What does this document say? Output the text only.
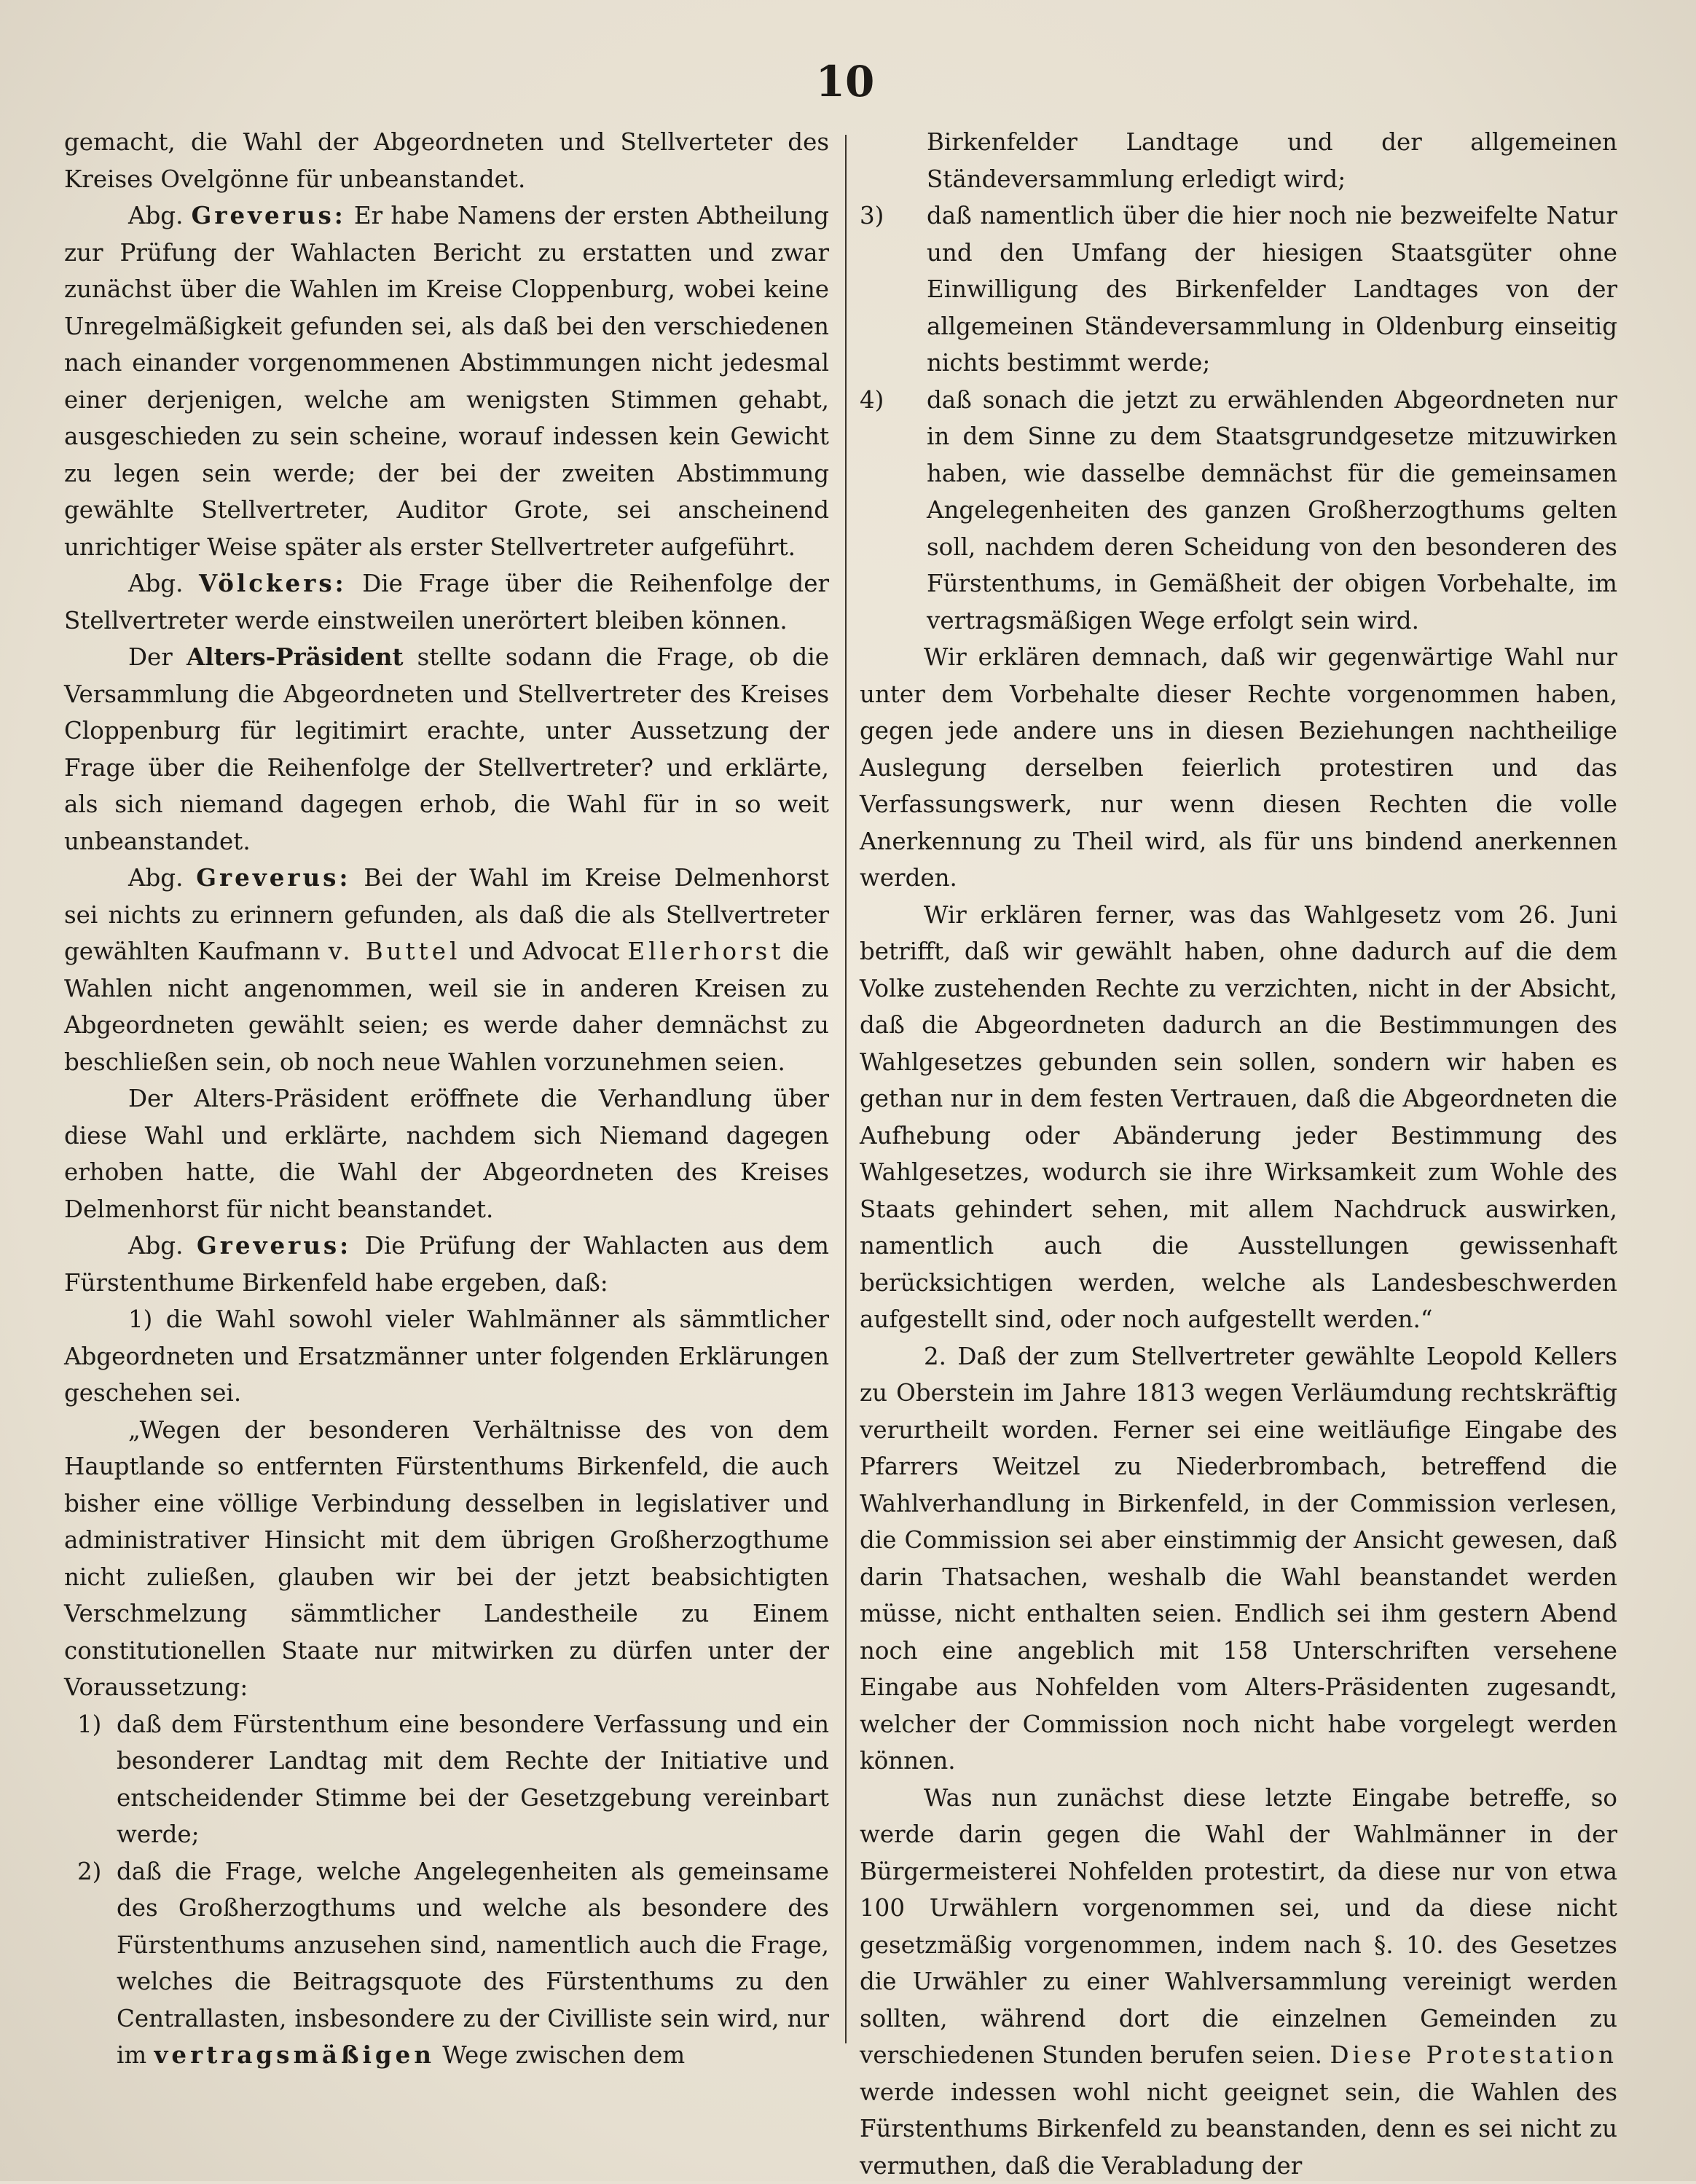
10

gemacht, die Wahl der Abgeordneten und Stellverteter des Kreises Ovelgönne für unbeanstandet.

Abg. Greverus: Er habe Namens der ersten Abtheilung zur Prüfung der Wahlacten Bericht zu erstatten und zwar zunächst über die Wahlen im Kreise Cloppenburg, wobei keine Unregelmäßigkeit gefunden sei, als daß bei den verschiedenen nach einander vorgenommenen Abstimmungen nicht jedesmal einer derjenigen, welche am wenigsten Stimmen gehabt, ausgeschieden zu sein scheine, worauf indessen kein Gewicht zu legen sein werde; der bei der zweiten Abstimmung gewählte Stellvertreter, Auditor Grote, sei anscheinend unrichtiger Weise später als erster Stellvertreter aufgeführt.

Abg. Völckers: Die Frage über die Reihenfolge der Stellvertreter werde einstweilen unerörtert bleiben können.

Der Alters-Präsident stellte sodann die Frage, ob die Versammlung die Abgeordneten und Stellvertreter des Kreises Cloppenburg für legitimirt erachte, unter Aussetzung der Frage über die Reihenfolge der Stellvertreter? und erklärte, als sich niemand dagegen erhob, die Wahl für in so weit unbeanstandet.

Abg. Greverus: Bei der Wahl im Kreise Delmenhorst sei nichts zu erinnern gefunden, als daß die als Stellvertreter gewählten Kaufmann v. Buttel und Advocat Ellerhorst die Wahlen nicht angenommen, weil sie in anderen Kreisen zu Abgeordneten gewählt seien; es werde daher demnächst zu beschließen sein, ob noch neue Wahlen vorzunehmen seien.

Der Alters-Präsident eröffnete die Verhandlung über diese Wahl und erklärte, nachdem sich Niemand dagegen erhoben hatte, die Wahl der Abgeordneten des Kreises Delmenhorst für nicht beanstandet.

Abg. Greverus: Die Prüfung der Wahlacten aus dem Fürstenthume Birkenfeld habe ergeben, daß:

1) die Wahl sowohl vieler Wahlmänner als sämmtlicher Abgeordneten und Ersatzmänner unter folgenden Erklärungen geschehen sei.

„Wegen der besonderen Verhältnisse des von dem Hauptlande so entfernten Fürstenthums Birkenfeld, die auch bisher eine völlige Verbindung desselben in legislativer und administrativer Hinsicht mit dem übrigen Großherzogthume nicht zuließen, glauben wir bei der jetzt beabsichtigten Verschmelzung sämmtlicher Landestheile zu Einem constitutionellen Staate nur mitwirken zu dürfen unter der Voraussetzung:

1) daß dem Fürstenthum eine besondere Verfassung und ein besonderer Landtag mit dem Rechte der Initiative und entscheidender Stimme bei der Gesetzgebung vereinbart werde;
2) daß die Frage, welche Angelegenheiten als gemeinsame des Großherzogthums und welche als besondere des Fürstenthums anzusehen sind, namentlich auch die Frage, welches die Beitragsquote des Fürstenthums zu den Centrallasten, insbesondere zu der Civilliste sein wird, nur im vertragsmäßigen Wege zwischen dem
Birkenfelder Landtage und der allgemeinen Ständeversammlung erledigt wird;
3) daß namentlich über die hier noch nie bezweifelte Natur und den Umfang der hiesigen Staatsgüter ohne Einwilligung des Birkenfelder Landtages von der allgemeinen Ständeversammlung in Oldenburg einseitig nichts bestimmt werde;
4) daß sonach die jetzt zu erwählenden Abgeordneten nur in dem Sinne zu dem Staatsgrundgesetze mitzuwirken haben, wie dasselbe demnächst für die gemeinsamen Angelegenheiten des ganzen Großherzogthums gelten soll, nachdem deren Scheidung von den besonderen des Fürstenthums, in Gemäßheit der obigen Vorbehalte, im vertragsmäßigen Wege erfolgt sein wird.

Wir erklären demnach, daß wir gegenwärtige Wahl nur unter dem Vorbehalte dieser Rechte vorgenommen haben, gegen jede andere uns in diesen Beziehungen nachtheilige Auslegung derselben feierlich protestiren und das Verfassungswerk, nur wenn diesen Rechten die volle Anerkennung zu Theil wird, als für uns bindend anerkennen werden.

Wir erklären ferner, was das Wahlgesetz vom 26. Juni betrifft, daß wir gewählt haben, ohne dadurch auf die dem Volke zustehenden Rechte zu verzichten, nicht in der Absicht, daß die Abgeordneten dadurch an die Bestimmungen des Wahlgesetzes gebunden sein sollen, sondern wir haben es gethan nur in dem festen Vertrauen, daß die Abgeordneten die Aufhebung oder Abänderung jeder Bestimmung des Wahlgesetzes, wodurch sie ihre Wirksamkeit zum Wohle des Staats gehindert sehen, mit allem Nachdruck auswirken, namentlich auch die Ausstellungen gewissenhaft berücksichtigen werden, welche als Landesbeschwerden aufgestellt sind, oder noch aufgestellt werden.“

2. Daß der zum Stellvertreter gewählte Leopold Kellers zu Oberstein im Jahre 1813 wegen Verläumdung rechtskräftig verurtheilt worden. Ferner sei eine weitläufige Eingabe des Pfarrers Weitzel zu Niederbrombach, betreffend die Wahlverhandlung in Birkenfeld, in der Commission verlesen, die Commission sei aber einstimmig der Ansicht gewesen, daß darin Thatsachen, weshalb die Wahl beanstandet werden müsse, nicht enthalten seien. Endlich sei ihm gestern Abend noch eine angeblich mit 158 Unterschriften versehene Eingabe aus Nohfelden vom Alters-Präsidenten zugesandt, welcher der Commission noch nicht habe vorgelegt werden können.

Was nun zunächst diese letzte Eingabe betreffe, so werde darin gegen die Wahl der Wahlmänner in der Bürgermeisterei Nohfelden protestirt, da diese nur von etwa 100 Urwählern vorgenommen sei, und da diese nicht gesetzmäßig vorgenommen, indem nach §. 10. des Gesetzes die Urwähler zu einer Wahlversammlung vereinigt werden sollten, während dort die einzelnen Gemeinden zu verschiedenen Stunden berufen seien. Diese Protestation werde indessen wohl nicht geeignet sein, die Wahlen des Fürstenthums Birkenfeld zu beanstanden, denn es sei nicht zu vermuthen, daß die Verabladung der
